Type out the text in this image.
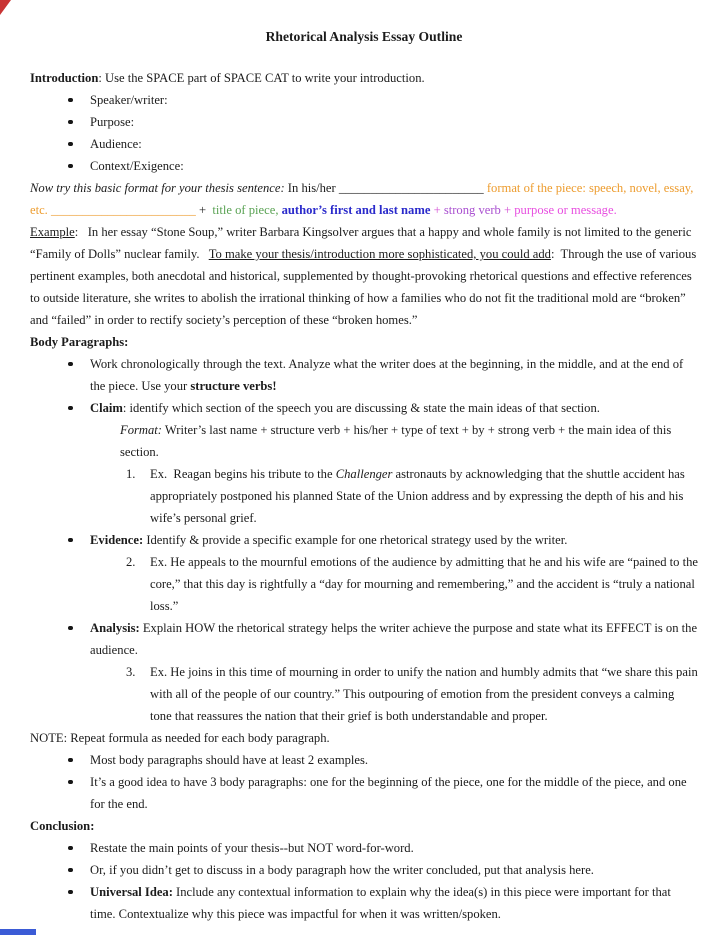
Rhetorical Analysis Essay Outline
Introduction: Use the SPACE part of SPACE CAT to write your introduction.
Speaker/writer:
Purpose:
Audience:
Context/Exigence:
Now try this basic format for your thesis sentence: In his/her _______________________ format of the piece: speech, novel, essay, etc. _______________________ +  title of piece, author’s first and last name + strong verb + purpose or message.
Example:   In her essay “Stone Soup,” writer Barbara Kingsolver argues that a happy and whole family is not limited to the generic “Family of Dolls” nuclear family.   To make your thesis/introduction more sophisticated, you could add:  Through the use of various pertinent examples, both anecdotal and historical, supplemented by thought-provoking rhetorical questions and effective references to outside literature, she writes to abolish the irrational thinking of how a families who do not fit the traditional mold are “broken” and “failed” in order to rectify society’s perception of these “broken homes.”
Body Paragraphs:
Work chronologically through the text. Analyze what the writer does at the beginning, in the middle, and at the end of the piece. Use your structure verbs!
Claim: identify which section of the speech you are discussing & state the main ideas of that section.
Format: Writer’s last name + structure verb + his/her + type of text + by + strong verb + the main idea of this section.
1. Ex.  Reagan begins his tribute to the Challenger astronauts by acknowledging that the shuttle accident has appropriately postponed his planned State of the Union address and by expressing the depth of his and his wife’s personal grief.
Evidence: Identify & provide a specific example for one rhetorical strategy used by the writer.
2. Ex. He appeals to the mournful emotions of the audience by admitting that he and his wife are “pained to the core,” that this day is rightfully a “day for mourning and remembering,” and the accident is “truly a national loss.”
Analysis: Explain HOW the rhetorical strategy helps the writer achieve the purpose and state what its EFFECT is on the audience.
3. Ex. He joins in this time of mourning in order to unify the nation and humbly admits that “we share this pain with all of the people of our country.” This outpouring of emotion from the president conveys a calming tone that reassures the nation that their grief is both understandable and proper.
NOTE: Repeat formula as needed for each body paragraph.
Most body paragraphs should have at least 2 examples.
It’s a good idea to have 3 body paragraphs: one for the beginning of the piece, one for the middle of the piece, and one for the end.
Conclusion:
Restate the main points of your thesis--but NOT word-for-word.
Or, if you didn’t get to discuss in a body paragraph how the writer concluded, put that analysis here.
Universal Idea: Include any contextual information to explain why the idea(s) in this piece were important for that time. Contextualize why this piece was impactful for when it was written/spoken.
